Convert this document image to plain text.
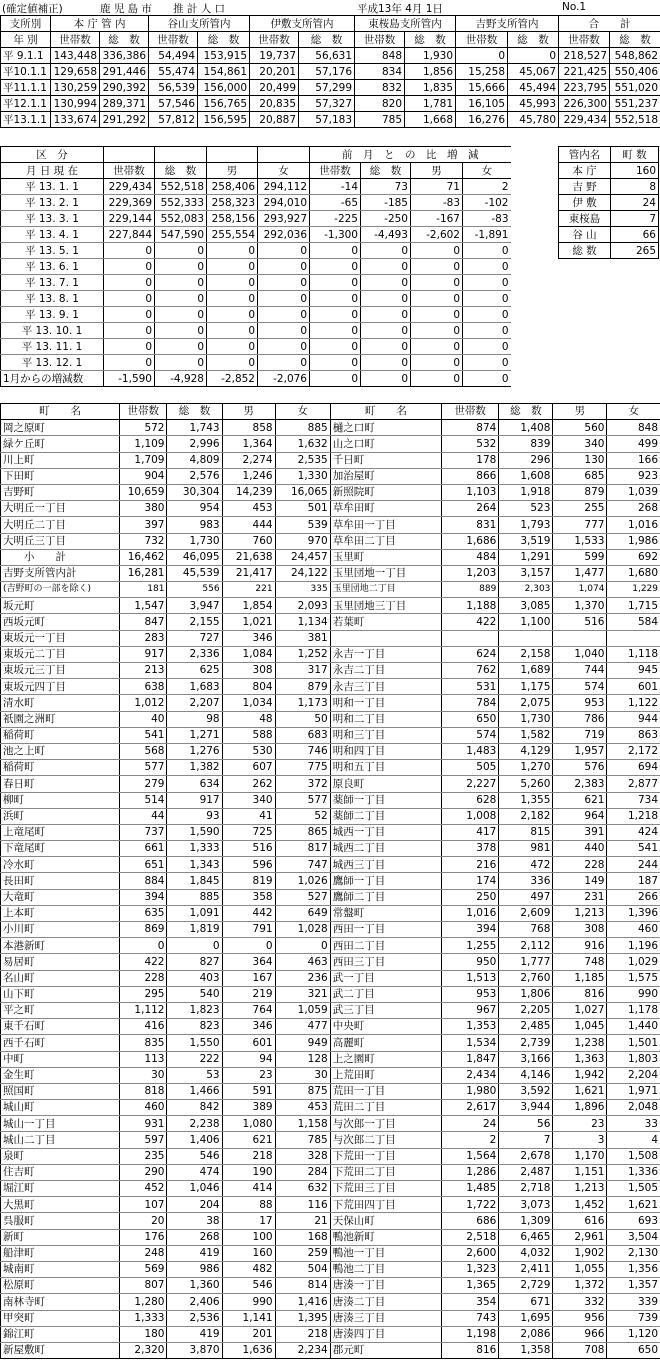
(確定値補正)	鹿 児 島 市　　推 計 人 口	平成13年 4月 1日	No.1
支所別	本 庁 管 内		谷山支所管内		伊敷支所管内		東桜島支所管内		吉野支所管内		合　　計	
年 別	世帯数	総　数	世帯数	総　数	世帯数	総　数	世帯数	総　数	世帯数	総　数	世帯数	総　数
平 9.1.1	143,448	336,386	54,494	153,915	19,737	56,631	848	1,930	0	0	218,527	548,862
平10.1.1	129,658	291,446	55,474	154,861	20,201	57,176	834	1,856	15,258	45,067	221,425	550,406
平11.1.1	130,259	290,392	56,539	156,000	20,499	57,299	832	1,835	15,666	45,494	223,795	551,020
平12.1.1	130,994	289,371	57,546	156,765	20,835	57,327	820	1,781	16,105	45,993	226,300	551,237
平13.1.1	133,674	291,292	57,812	156,595	20,887	57,183	785	1,668	16,276	45,780	229,434	552,518
区　分					前　月　と　の　比　増　減			
月 日 現 在	世帯数	総　数	男	女	世帯数	総　数	男	女
平 13. 1. 1	229,434	552,518	258,406	294,112	-14	73	71	2
平 13. 2. 1	229,369	552,333	258,323	294,010	-65	-185	-83	-102
平 13. 3. 1	229,144	552,083	258,156	293,927	-225	-250	-167	-83
平 13. 4. 1	227,844	547,590	255,554	292,036	-1,300	-4,493	-2,602	-1,891
平 13. 5. 1	0	0	0	0	0	0	0	0
平 13. 6. 1	0	0	0	0	0	0	0	0
平 13. 7. 1	0	0	0	0	0	0	0	0
平 13. 8. 1	0	0	0	0	0	0	0	0
平 13. 9. 1	0	0	0	0	0	0	0	0
平 13. 10. 1	0	0	0	0	0	0	0	0
平 13. 11. 1	0	0	0	0	0	0	0	0
平 13. 12. 1	0	0	0	0	0	0	0	0
1月からの増減数	-1,590	-4,928	-2,852	-2,076	0	0	0	0
管内名	町 数
本 庁	160
吉 野	8
伊 敷	24
東桜島	7
谷 山	66
総 数	265
町　　名	世帯数	総　数	男	女	町　　名	世帯数	総　数	男	女
岡之原町	572	1,743	858	885	樋之口町	874	1,408	560	848
緑ケ丘町	1,109	2,996	1,364	1,632	山之口町	532	839	340	499
川上町	1,709	4,809	2,274	2,535	千日町	178	296	130	166
下田町	904	2,576	1,246	1,330	加治屋町	866	1,608	685	923
吉野町	10,659	30,304	14,239	16,065	新照院町	1,103	1,918	879	1,039
大明丘一丁目	380	954	453	501	草牟田町	264	523	255	268
大明丘二丁目	397	983	444	539	草牟田一丁目	831	1,793	777	1,016
大明丘三丁目	732	1,730	760	970	草牟田二丁目	1,686	3,519	1,533	1,986
　　小　　計	16,462	46,095	21,638	24,457	玉里町	484	1,291	599	692
吉野支所管内計	16,281	45,539	21,417	24,122	玉里団地一丁目	1,203	3,157	1,477	1,680
(吉野町の一部を除く)	181	556	221	335	玉里団地二丁目	889	2,303	1,074	1,229
坂元町	1,547	3,947	1,854	2,093	玉里団地三丁目	1,188	3,085	1,370	1,715
西坂元町	847	2,155	1,021	1,134	若葉町	422	1,100	516	584
東坂元一丁目	283	727	346	381					
東坂元二丁目	917	2,336	1,084	1,252	永吉一丁目	624	2,158	1,040	1,118
東坂元三丁目	213	625	308	317	永吉二丁目	762	1,689	744	945
東坂元四丁目	638	1,683	804	879	永吉三丁目	531	1,175	574	601
清水町	1,012	2,207	1,034	1,173	明和一丁目	784	2,075	953	1,122
祇園之洲町	40	98	48	50	明和二丁目	650	1,730	786	944
稲荷町	541	1,271	588	683	明和三丁目	574	1,582	719	863
池之上町	568	1,276	530	746	明和四丁目	1,483	4,129	1,957	2,172
稲荷町	577	1,382	607	775	明和五丁目	505	1,270	576	694
春日町	279	634	262	372	原良町	2,227	5,260	2,383	2,877
柳町	514	917	340	577	薬師一丁目	628	1,355	621	734
浜町	44	93	41	52	薬師二丁目	1,008	2,182	964	1,218
上竜尾町	737	1,590	725	865	城西一丁目	417	815	391	424
下竜尾町	661	1,333	516	817	城西二丁目	378	981	440	541
冷水町	651	1,343	596	747	城西三丁目	216	472	228	244
長田町	884	1,845	819	1,026	鷹師一丁目	174	336	149	187
大竜町	394	885	358	527	鷹師二丁目	250	497	231	266
上本町	635	1,091	442	649	常盤町	1,016	2,609	1,213	1,396
小川町	869	1,819	791	1,028	西田一丁目	394	768	308	460
本港新町	0	0	0	0	西田二丁目	1,255	2,112	916	1,196
易居町	422	827	364	463	西田三丁目	950	1,777	748	1,029
名山町	228	403	167	236	武一丁目	1,513	2,760	1,185	1,575
山下町	295	540	219	321	武二丁目	953	1,806	816	990
平之町	1,112	1,823	764	1,059	武三丁目	967	2,205	1,027	1,178
東千石町	416	823	346	477	中央町	1,353	2,485	1,045	1,440
西千石町	835	1,550	601	949	高麗町	1,534	2,739	1,238	1,501
中町	113	222	94	128	上之園町	1,847	3,166	1,363	1,803
金生町	30	53	23	30	上荒田町	2,434	4,146	1,942	2,204
照国町	818	1,466	591	875	荒田一丁目	1,980	3,592	1,621	1,971
城山町	460	842	389	453	荒田二丁目	2,617	3,944	1,896	2,048
城山一丁目	931	2,238	1,080	1,158	与次郎一丁目	24	56	23	33
城山二丁目	597	1,406	621	785	与次郎二丁目	2	7	3	4
泉町	235	546	218	328	下荒田一丁目	1,564	2,678	1,170	1,508
住吉町	290	474	190	284	下荒田二丁目	1,286	2,487	1,151	1,336
堀江町	452	1,046	414	632	下荒田三丁目	1,485	2,718	1,213	1,505
大黒町	107	204	88	116	下荒田四丁目	1,722	3,073	1,452	1,621
呉服町	20	38	17	21	天保山町	686	1,309	616	693
新町	176	268	100	168	鴨池新町	2,518	6,465	2,961	3,504
船津町	248	419	160	259	鴨池一丁目	2,600	4,032	1,902	2,130
城南町	569	986	482	504	鴨池二丁目	1,323	2,411	1,055	1,356
松原町	807	1,360	546	814	唐湊一丁目	1,365	2,729	1,372	1,357
南林寺町	1,280	2,406	990	1,416	唐湊二丁目	354	671	332	339
甲突町	1,333	2,536	1,141	1,395	唐湊三丁目	743	1,695	956	739
錦江町	180	419	201	218	唐湊四丁目	1,198	2,086	966	1,120
新屋敷町	2,320	3,870	1,636	2,234	郡元町	816	1,358	708	650
